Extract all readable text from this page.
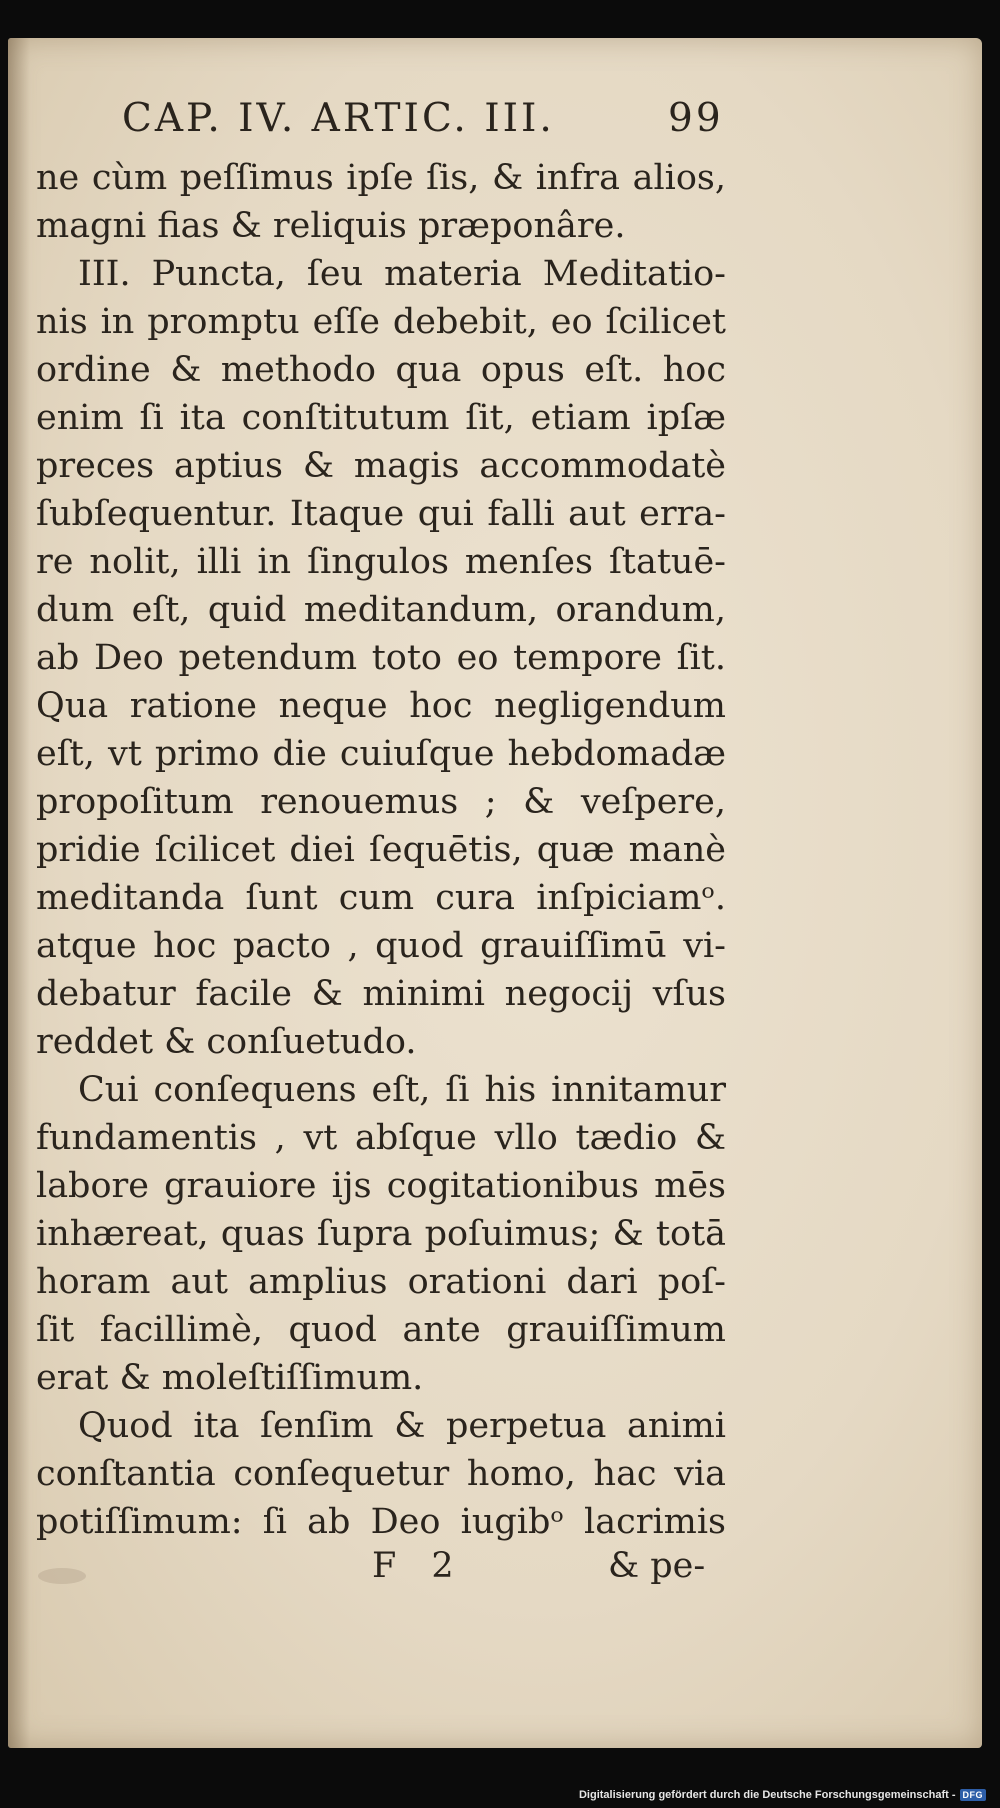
CAP. IV. ARTIC. III.	99
ne cùm peſſimus ipſe ſis, & infra alios,
magni fias & reliquis præponâre.
III. Puncta, ſeu materia Meditatio-
nis in promptu eſſe debebit, eo ſcilicet
ordine & methodo qua opus eſt. hoc
enim ſi ita conſtitutum ſit, etiam ipſæ
preces aptius & magis accommodatè
ſubſequentur. Itaque qui falli aut erra-
re nolit, illi in ſingulos menſes ſtatuē-
dum eſt, quid meditandum, orandum,
ab Deo petendum toto eo tempore ſit.
Qua ratione neque hoc negligendum
eſt, vt primo die cuiuſque hebdomadæ
propoſitum renouemus ; & veſpere,
pridie ſcilicet diei ſequētis, quæ manè
meditanda ſunt cum cura inſpiciamᵒ.
atque hoc pacto , quod grauiſſimū vi-
debatur facile & minimi negocij vſus
reddet & conſuetudo.
Cui conſequens eſt, ſi his innitamur
fundamentis , vt abſque vllo tædio &
labore grauiore ijs cogitationibus mēs
inhæreat, quas ſupra poſuimus; & totā
horam aut amplius orationi dari poſ-
ſit facillimè, quod ante grauiſſimum
erat & moleſtiſſimum.
Quod ita ſenſim & perpetua animi
conſtantia conſequetur homo, hac via
potiſſimum: ſi ab Deo iugibᵒ lacrimis
F 2	& pe-
Digitalisierung gefördert durch die Deutsche Forschungsgemeinschaft - DFG
